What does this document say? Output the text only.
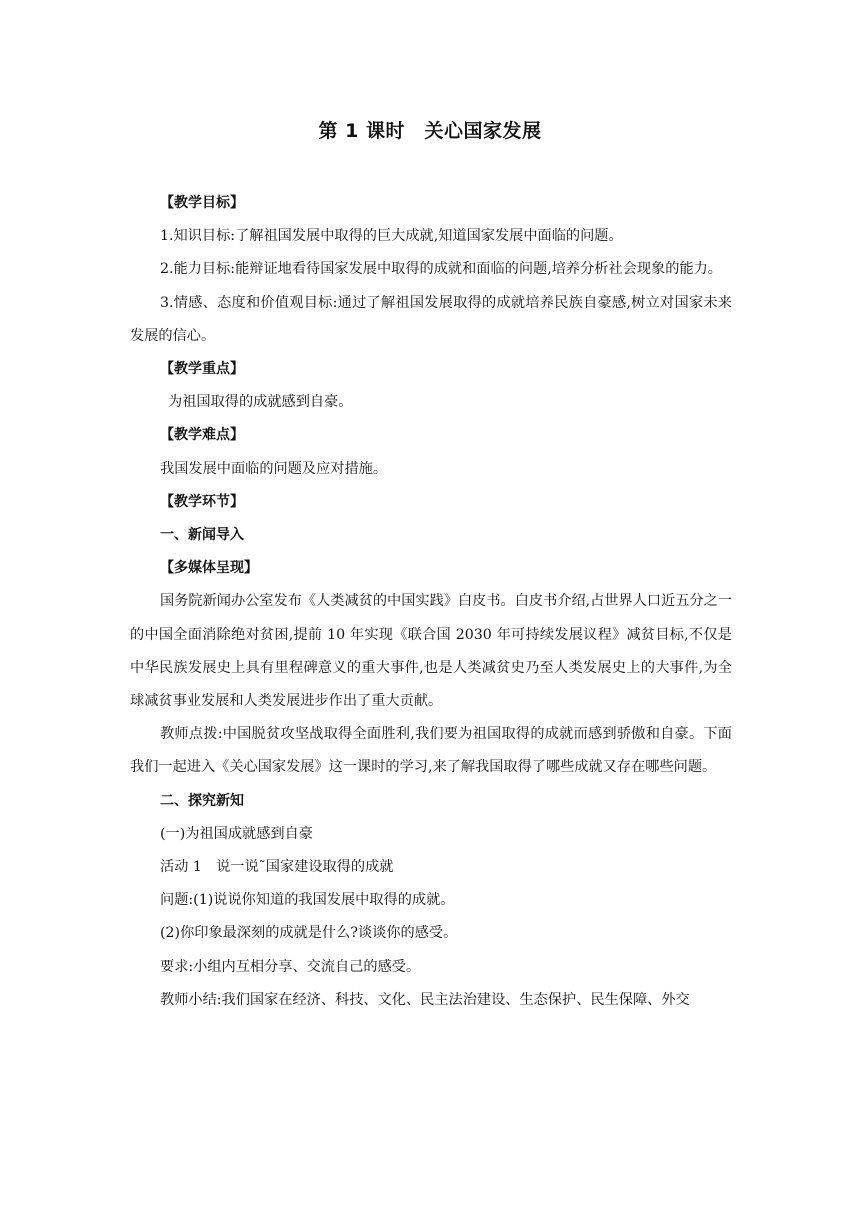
第 1 课时　关心国家发展

【教学目标】

1.知识目标:了解祖国发展中取得的巨大成就,知道国家发展中面临的问题。

2.能力目标:能辩证地看待国家发展中取得的成就和面临的问题,培养分析社会现象的能力。

3.情感、态度和价值观目标:通过了解祖国发展取得的成就培养民族自豪感,树立对国家未来发展的信心。

【教学重点】

为祖国取得的成就感到自豪。

【教学难点】

我国发展中面临的问题及应对措施。

【教学环节】

一、新闻导入

【多媒体呈现】

国务院新闻办公室发布《人类减贫的中国实践》白皮书。白皮书介绍,占世界人口近五分之一的中国全面消除绝对贫困,提前 10 年实现《联合国 2030 年可持续发展议程》减贫目标,不仅是中华民族发展史上具有里程碑意义的重大事件,也是人类减贫史乃至人类发展史上的大事件,为全球减贫事业发展和人类发展进步作出了重大贡献。

教师点拨:中国脱贫攻坚战取得全面胜利,我们要为祖国取得的成就而感到骄傲和自豪。下面我们一起进入《关心国家发展》这一课时的学习,来了解我国取得了哪些成就又存在哪些问题。

二、探究新知

(一)为祖国成就感到自豪

活动 1　说一说˜国家建设取得的成就

问题:(1)说说你知道的我国发展中取得的成就。

(2)你印象最深刻的成就是什么?谈谈你的感受。

要求:小组内互相分享、交流自己的感受。

教师小结:我们国家在经济、科技、文化、民主法治建设、生态保护、民生保障、外交
